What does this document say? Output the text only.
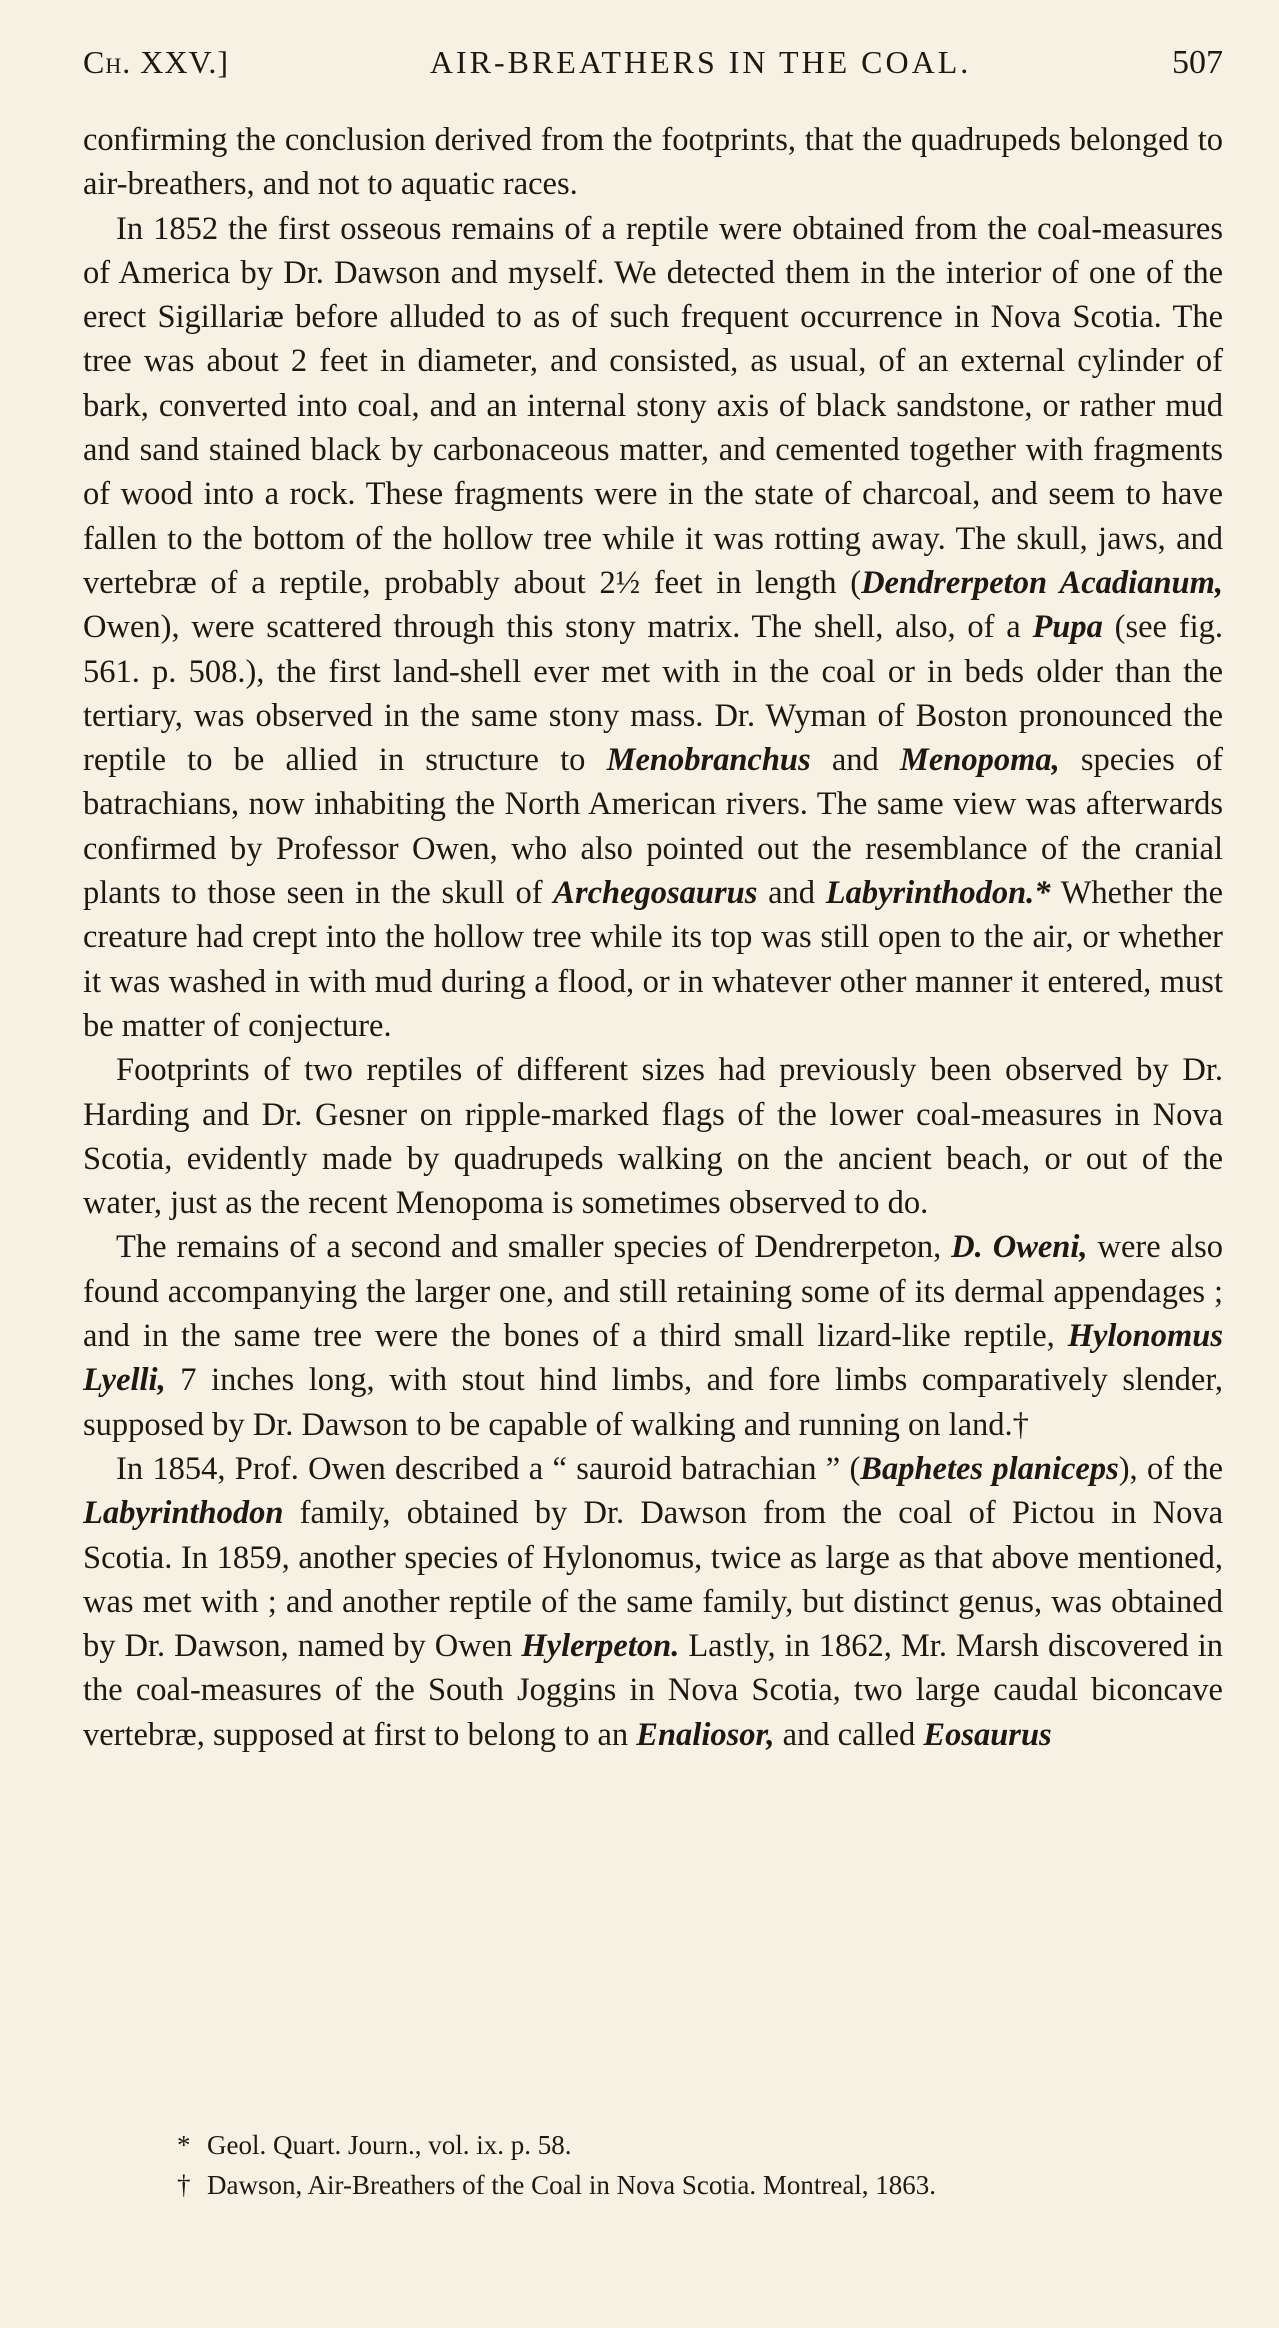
Ch. XXV.]	AIR-BREATHERS IN THE COAL.	507

confirming the conclusion derived from the footprints, that the quadrupeds belonged to air-breathers, and not to aquatic races.

In 1852 the first osseous remains of a reptile were obtained from the coal-measures of America by Dr. Dawson and myself. We detected them in the interior of one of the erect Sigillariæ before alluded to as of such frequent occurrence in Nova Scotia. The tree was about 2 feet in diameter, and consisted, as usual, of an external cylinder of bark, converted into coal, and an internal stony axis of black sandstone, or rather mud and sand stained black by carbonaceous matter, and cemented together with fragments of wood into a rock. These fragments were in the state of charcoal, and seem to have fallen to the bottom of the hollow tree while it was rotting away. The skull, jaws, and vertebræ of a reptile, probably about 2½ feet in length (Dendrerpeton Acadianum, Owen), were scattered through this stony matrix. The shell, also, of a Pupa (see fig. 561. p. 508.), the first land-shell ever met with in the coal or in beds older than the tertiary, was observed in the same stony mass. Dr. Wyman of Boston pronounced the reptile to be allied in structure to Menobranchus and Menopoma, species of batrachians, now inhabiting the North American rivers. The same view was afterwards confirmed by Professor Owen, who also pointed out the resemblance of the cranial plants to those seen in the skull of Archegosaurus and Labyrinthodon.* Whether the creature had crept into the hollow tree while its top was still open to the air, or whether it was washed in with mud during a flood, or in whatever other manner it entered, must be matter of conjecture.

Footprints of two reptiles of different sizes had previously been observed by Dr. Harding and Dr. Gesner on ripple-marked flags of the lower coal-measures in Nova Scotia, evidently made by quadrupeds walking on the ancient beach, or out of the water, just as the recent Menopoma is sometimes observed to do.

The remains of a second and smaller species of Dendrerpeton, D. Oweni, were also found accompanying the larger one, and still retaining some of its dermal appendages ; and in the same tree were the bones of a third small lizard-like reptile, Hylonomus Lyelli, 7 inches long, with stout hind limbs, and fore limbs comparatively slender, supposed by Dr. Dawson to be capable of walking and running on land.†

In 1854, Prof. Owen described a “ sauroid batrachian ” (Baphetes planiceps), of the Labyrinthodon family, obtained by Dr. Dawson from the coal of Pictou in Nova Scotia. In 1859, another species of Hylonomus, twice as large as that above mentioned, was met with ; and another reptile of the same family, but distinct genus, was obtained by Dr. Dawson, named by Owen Hylerpeton. Lastly, in 1862, Mr. Marsh discovered in the coal-measures of the South Joggins in Nova Scotia, two large caudal biconcave vertebræ, supposed at first to belong to an Enaliosor, and called Eosaurus

* Geol. Quart. Journ., vol. ix. p. 58.
† Dawson, Air-Breathers of the Coal in Nova Scotia. Montreal, 1863.
